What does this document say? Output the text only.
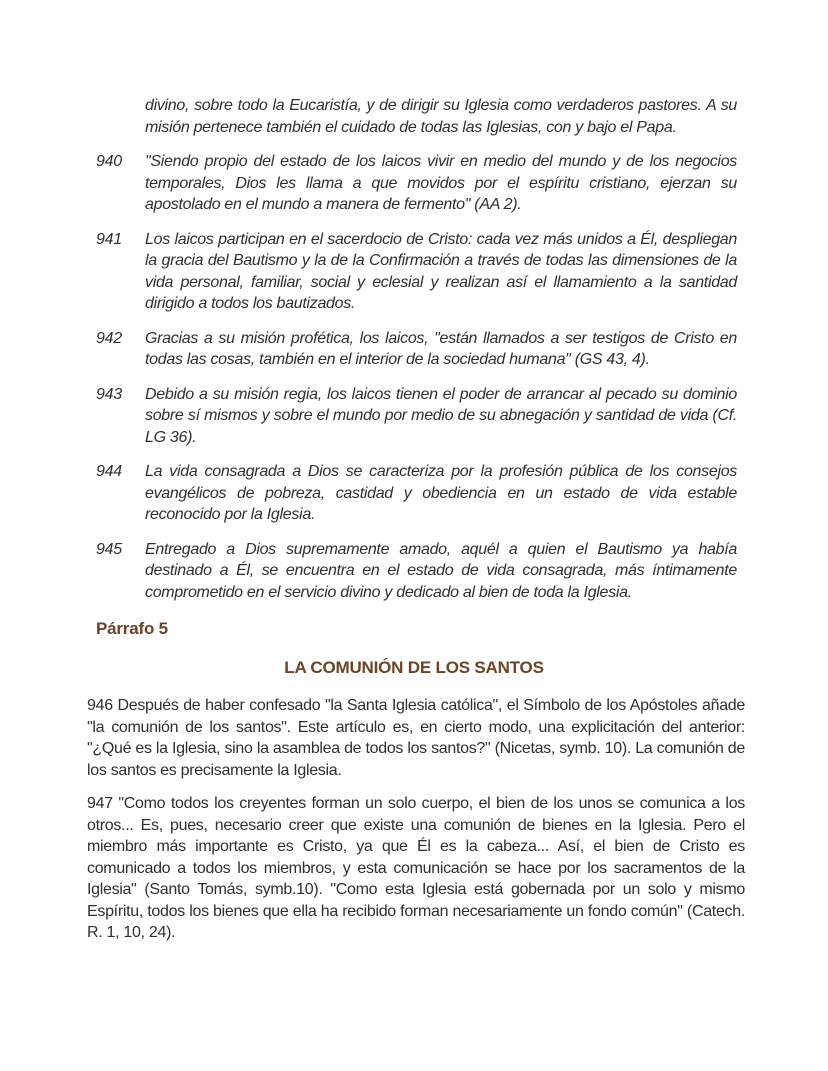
divino, sobre todo la Eucaristía, y de dirigir su Iglesia como verdaderos pastores. A su misión pertenece también el cuidado de todas las Iglesias, con y bajo el Papa.

940	"Siendo propio del estado de los laicos vivir en medio del mundo y de los negocios temporales, Dios les llama a que movidos por el espíritu cristiano, ejerzan su apostolado en el mundo a manera de fermento" (AA 2).
941	Los laicos participan en el sacerdocio de Cristo: cada vez más unidos a Él, despliegan la gracia del Bautismo y la de la Confirmación a través de todas las dimensiones de la vida personal, familiar, social y eclesial y realizan así el llamamiento a la santidad dirigido a todos los bautizados.
942	Gracias a su misión profética, los laicos, "están llamados a ser testigos de Cristo en todas las cosas, también en el interior de la sociedad humana" (GS 43, 4).
943	Debido a su misión regia, los laicos tienen el poder de arrancar al pecado su dominio sobre sí mismos y sobre el mundo por medio de su abnegación y santidad de vida (Cf. LG 36).
944	La vida consagrada a Dios se caracteriza por la profesión pública de los consejos evangélicos de pobreza, castidad y obediencia en un estado de vida estable reconocido por la Iglesia.
945	Entregado a Dios supremamente amado, aquél a quien el Bautismo ya había destinado a Él, se encuentra en el estado de vida consagrada, más íntimamente comprometido en el servicio divino y dedicado al bien de toda la Iglesia.
Párrafo 5
LA COMUNIÓN DE LOS SANTOS

946 Después de haber confesado "la Santa Iglesia católica", el Símbolo de los Apóstoles añade "la comunión de los santos". Este artículo es, en cierto modo, una explicitación del anterior: "¿Qué es la Iglesia, sino la asamblea de todos los santos?" (Nicetas, symb. 10). La comunión de los santos es precisamente la Iglesia.

947 "Como todos los creyentes forman un solo cuerpo, el bien de los unos se comunica a los otros... Es, pues, necesario creer que existe una comunión de bienes en la Iglesia. Pero el miembro más importante es Cristo, ya que Él es la cabeza... Así, el bien de Cristo es comunicado a todos los miembros, y esta comunicación se hace por los sacramentos de la Iglesia" (Santo Tomás, symb.10). "Como esta Iglesia está gobernada por un solo y mismo Espíritu, todos los bienes que ella ha recibido forman necesariamente un fondo común" (Catech. R. 1, 10, 24).
